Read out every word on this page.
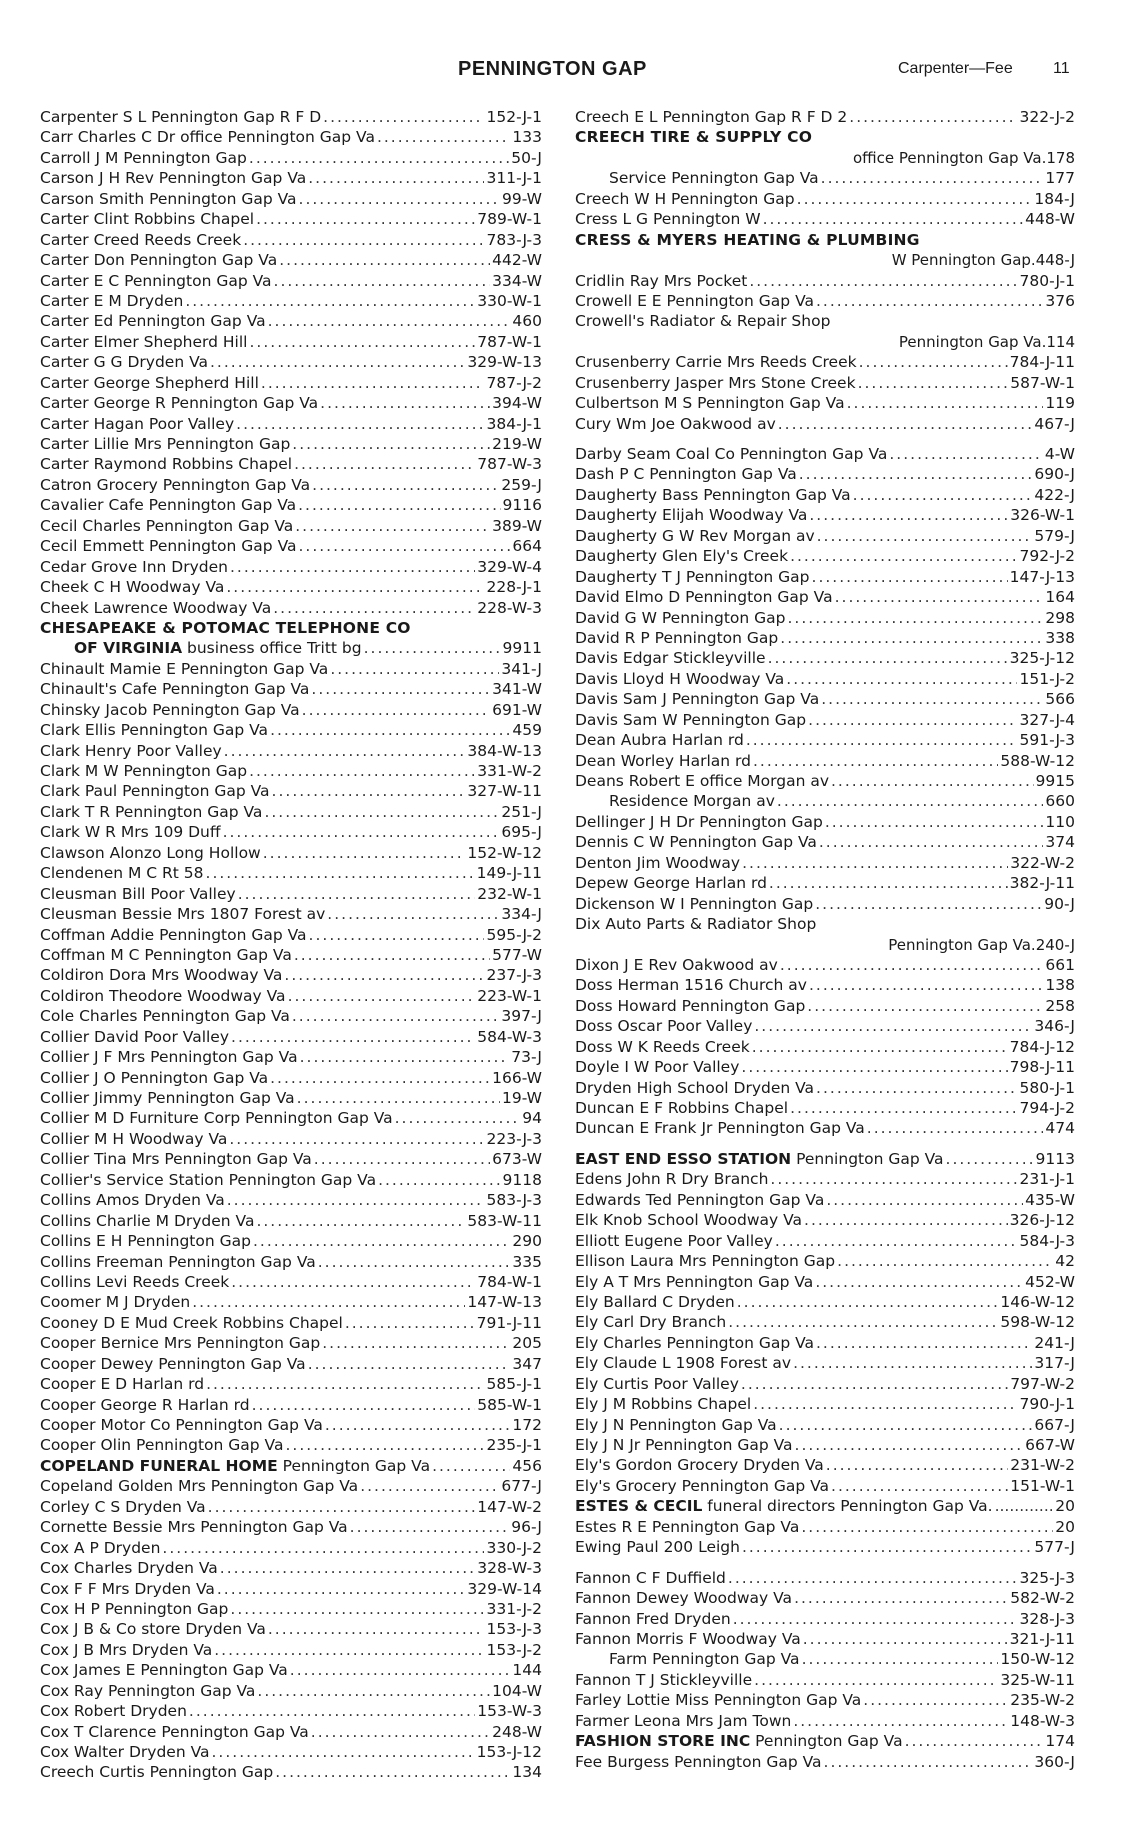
PENNINGTON GAP	Carpenter—Fee	11
Carpenter S L Pennington Gap R F D .....	152-J-1
Carr Charles C Dr office Pennington Gap Va .....	133
Carroll J M Pennington Gap .....	50-J
Carson J H Rev Pennington Gap Va .....	311-J-1
Carson Smith Pennington Gap Va .....	99-W
Carter Clint Robbins Chapel .....	789-W-1
Carter Creed Reeds Creek .....	783-J-3
Carter Don Pennington Gap Va .....	442-W
Carter E C Pennington Gap Va .....	334-W
Carter E M Dryden .....	330-W-1
Carter Ed Pennington Gap Va .....	460
Carter Elmer Shepherd Hill .....	787-W-1
Carter G G Dryden Va .....	329-W-13
Carter George Shepherd Hill .....	787-J-2
Carter George R Pennington Gap Va .....	394-W
Carter Hagan Poor Valley .....	384-J-1
Carter Lillie Mrs Pennington Gap .....	219-W
Carter Raymond Robbins Chapel .....	787-W-3
Catron Grocery Pennington Gap Va .....	259-J
Cavalier Cafe Pennington Gap Va .....	9116
Cecil Charles Pennington Gap Va .....	389-W
Cecil Emmett Pennington Gap Va .....	664
Cedar Grove Inn Dryden .....	329-W-4
Cheek C H Woodway Va .....	228-J-1
Cheek Lawrence Woodway Va .....	228-W-3
CHESAPEAKE & POTOMAC TELEPHONE CO
OF VIRGINIA business office Tritt bg .....	9911
Chinault Mamie E Pennington Gap Va .....	341-J
Chinault's Cafe Pennington Gap Va .....	341-W
Chinsky Jacob Pennington Gap Va .....	691-W
Clark Ellis Pennington Gap Va .....	459
Clark Henry Poor Valley .....	384-W-13
Clark M W Pennington Gap .....	331-W-2
Clark Paul Pennington Gap Va .....	327-W-11
Clark T R Pennington Gap Va .....	251-J
Clark W R Mrs 109 Duff .....	695-J
Clawson Alonzo Long Hollow .....	152-W-12
Clendenen M C Rt 58 .....	149-J-11
Cleusman Bill Poor Valley .....	232-W-1
Cleusman Bessie Mrs 1807 Forest av .....	334-J
Coffman Addie Pennington Gap Va .....	595-J-2
Coffman M C Pennington Gap Va .....	577-W
Coldiron Dora Mrs Woodway Va .....	237-J-3
Coldiron Theodore Woodway Va .....	223-W-1
Cole Charles Pennington Gap Va .....	397-J
Collier David Poor Valley .....	584-W-3
Collier J F Mrs Pennington Gap Va .....	73-J
Collier J O Pennington Gap Va .....	166-W
Collier Jimmy Pennington Gap Va .....	19-W
Collier M D Furniture Corp Pennington Gap Va .....	94
Collier M H Woodway Va .....	223-J-3
Collier Tina Mrs Pennington Gap Va .....	673-W
Collier's Service Station Pennington Gap Va .....	9118
Collins Amos Dryden Va .....	583-J-3
Collins Charlie M Dryden Va .....	583-W-11
Collins E H Pennington Gap .....	290
Collins Freeman Pennington Gap Va .....	335
Collins Levi Reeds Creek .....	784-W-1
Coomer M J Dryden .....	147-W-13
Cooney D E Mud Creek Robbins Chapel .....	791-J-11
Cooper Bernice Mrs Pennington Gap .....	205
Cooper Dewey Pennington Gap Va .....	347
Cooper E D Harlan rd .....	585-J-1
Cooper George R Harlan rd .....	585-W-1
Cooper Motor Co Pennington Gap Va .....	172
Cooper Olin Pennington Gap Va .....	235-J-1
COPELAND FUNERAL HOME Pennington Gap Va .....	456
Copeland Golden Mrs Pennington Gap Va .....	677-J
Corley C S Dryden Va .....	147-W-2
Cornette Bessie Mrs Pennington Gap Va .....	96-J
Cox A P Dryden .....	330-J-2
Cox Charles Dryden Va .....	328-W-3
Cox F F Mrs Dryden Va .....	329-W-14
Cox H P Pennington Gap .....	331-J-2
Cox J B & Co store Dryden Va .....	153-J-3
Cox J B Mrs Dryden Va .....	153-J-2
Cox James E Pennington Gap Va .....	144
Cox Ray Pennington Gap Va .....	104-W
Cox Robert Dryden .....	153-W-3
Cox T Clarence Pennington Gap Va .....	248-W
Cox Walter Dryden Va .....	153-J-12
Creech Curtis Pennington Gap .....	134
Creech E L Pennington Gap R F D 2 .....	322-J-2
CREECH TIRE & SUPPLY CO
office Pennington Gap Va.178
Service Pennington Gap Va .....	177
Creech W H Pennington Gap .....	184-J
Cress L G Pennington W .....	448-W
CRESS & MYERS HEATING & PLUMBING
W Pennington Gap.448-J
Cridlin Ray Mrs Pocket .....	780-J-1
Crowell E E Pennington Gap Va .....	376
Crowell's Radiator & Repair Shop
Pennington Gap Va.114
Crusenberry Carrie Mrs Reeds Creek .....	784-J-11
Crusenberry Jasper Mrs Stone Creek .....	587-W-1
Culbertson M S Pennington Gap Va .....	119
Cury Wm Joe Oakwood av .....	467-J
Darby Seam Coal Co Pennington Gap Va .....	4-W
Dash P C Pennington Gap Va .....	690-J
Daugherty Bass Pennington Gap Va .....	422-J
Daugherty Elijah Woodway Va .....	326-W-1
Daugherty G W Rev Morgan av .....	579-J
Daugherty Glen Ely's Creek .....	792-J-2
Daugherty T J Pennington Gap .....	147-J-13
David Elmo D Pennington Gap Va .....	164
David G W Pennington Gap .....	298
David R P Pennington Gap .....	338
Davis Edgar Stickleyville .....	325-J-12
Davis Lloyd H Woodway Va .....	151-J-2
Davis Sam J Pennington Gap Va .....	566
Davis Sam W Pennington Gap .....	327-J-4
Dean Aubra Harlan rd .....	591-J-3
Dean Worley Harlan rd .....	588-W-12
Deans Robert E office Morgan av .....	9915
Residence Morgan av .....	660
Dellinger J H Dr Pennington Gap .....	110
Dennis C W Pennington Gap Va .....	374
Denton Jim Woodway .....	322-W-2
Depew George Harlan rd .....	382-J-11
Dickenson W I Pennington Gap .....	90-J
Dix Auto Parts & Radiator Shop
Pennington Gap Va.240-J
Dixon J E Rev Oakwood av .....	661
Doss Herman 1516 Church av .....	138
Doss Howard Pennington Gap .....	258
Doss Oscar Poor Valley .....	346-J
Doss W K Reeds Creek .....	784-J-12
Doyle I W Poor Valley .....	798-J-11
Dryden High School Dryden Va .....	580-J-1
Duncan E F Robbins Chapel .....	794-J-2
Duncan E Frank Jr Pennington Gap Va .....	474
EAST END ESSO STATION Pennington Gap Va .....	9113
Edens John R Dry Branch .....	231-J-1
Edwards Ted Pennington Gap Va .....	435-W
Elk Knob School Woodway Va .....	326-J-12
Elliott Eugene Poor Valley .....	584-J-3
Ellison Laura Mrs Pennington Gap .....	42
Ely A T Mrs Pennington Gap Va .....	452-W
Ely Ballard C Dryden .....	146-W-12
Ely Carl Dry Branch .....	598-W-12
Ely Charles Pennington Gap Va .....	241-J
Ely Claude L 1908 Forest av .....	317-J
Ely Curtis Poor Valley .....	797-W-2
Ely J M Robbins Chapel .....	790-J-1
Ely J N Pennington Gap Va .....	667-J
Ely J N Jr Pennington Gap Va .....	667-W
Ely's Gordon Grocery Dryden Va .....	231-W-2
Ely's Grocery Pennington Gap Va .....	151-W-1
ESTES & CECIL funeral directors Pennington Gap Va. .....	20
Estes R E Pennington Gap Va .....	20
Ewing Paul 200 Leigh .....	577-J
Fannon C F Duffield .....	325-J-3
Fannon Dewey Woodway Va .....	582-W-2
Fannon Fred Dryden .....	328-J-3
Fannon Morris F Woodway Va .....	321-J-11
Farm Pennington Gap Va .....	150-W-12
Fannon T J Stickleyville .....	325-W-11
Farley Lottie Miss Pennington Gap Va .....	235-W-2
Farmer Leona Mrs Jam Town .....	148-W-3
FASHION STORE INC Pennington Gap Va .....	174
Fee Burgess Pennington Gap Va .....	360-J
